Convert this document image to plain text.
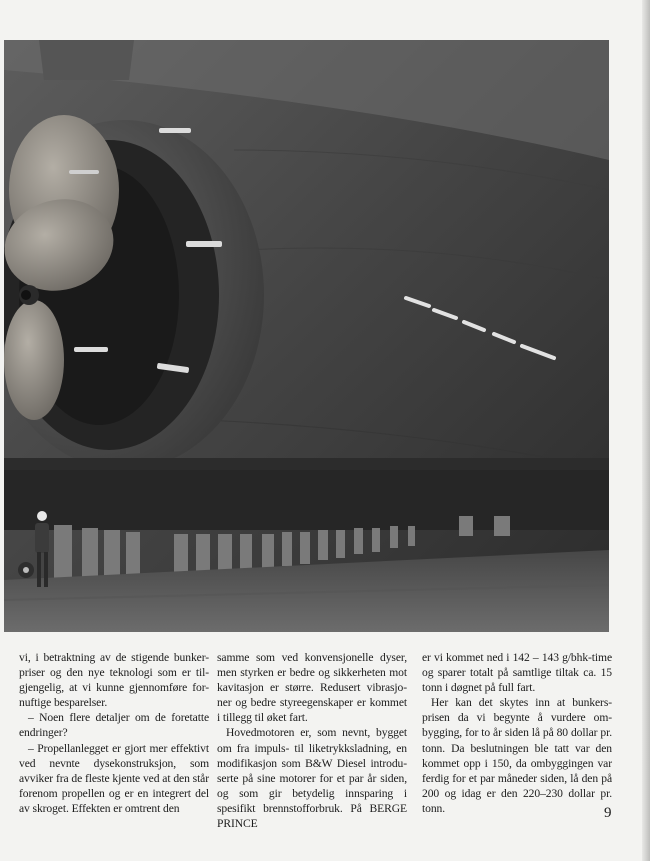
vi, i betraktning av de stigende bunker-priser og den nye teknologi som er til-gjengelig, at vi kunne gjennomføre for-nuftige besparelser.

– Noen flere detaljer om de foretatte endringer?

– Propellanlegget er gjort mer effektivt ved nevnte dysekonstruksjon, som avviker fra de fleste kjente ved at den står forenom propellen og er en integrert del av skroget. Effekten er omtrent den

samme som ved konvensjonelle dyser, men styrken er bedre og sikkerheten mot kavitasjon er større. Redusert vibrasjo-ner og bedre styreegenskaper er kommet i tillegg til øket fart.

Hovedmotoren er, som nevnt, bygget om fra impuls- til liketrykksladning, en modifikasjon som B&W Diesel introdu-serte på sine motorer for et par år siden, og som gir betydelig innsparing i spesifikt brennstofforbruk. På BERGE PRINCE

er vi kommet ned i 142 – 143 g/bhk-time og sparer totalt på samtlige tiltak ca. 15 tonn i døgnet på full fart.

Her kan det skytes inn at bunkers-prisen da vi begynte å vurdere om-bygging, for to år siden lå på 80 dollar pr. tonn. Da beslutningen ble tatt var den kommet opp i 150, da ombyggingen var ferdig for et par måneder siden, lå den på 200 og idag er den 220–230 dollar pr. tonn.	9
